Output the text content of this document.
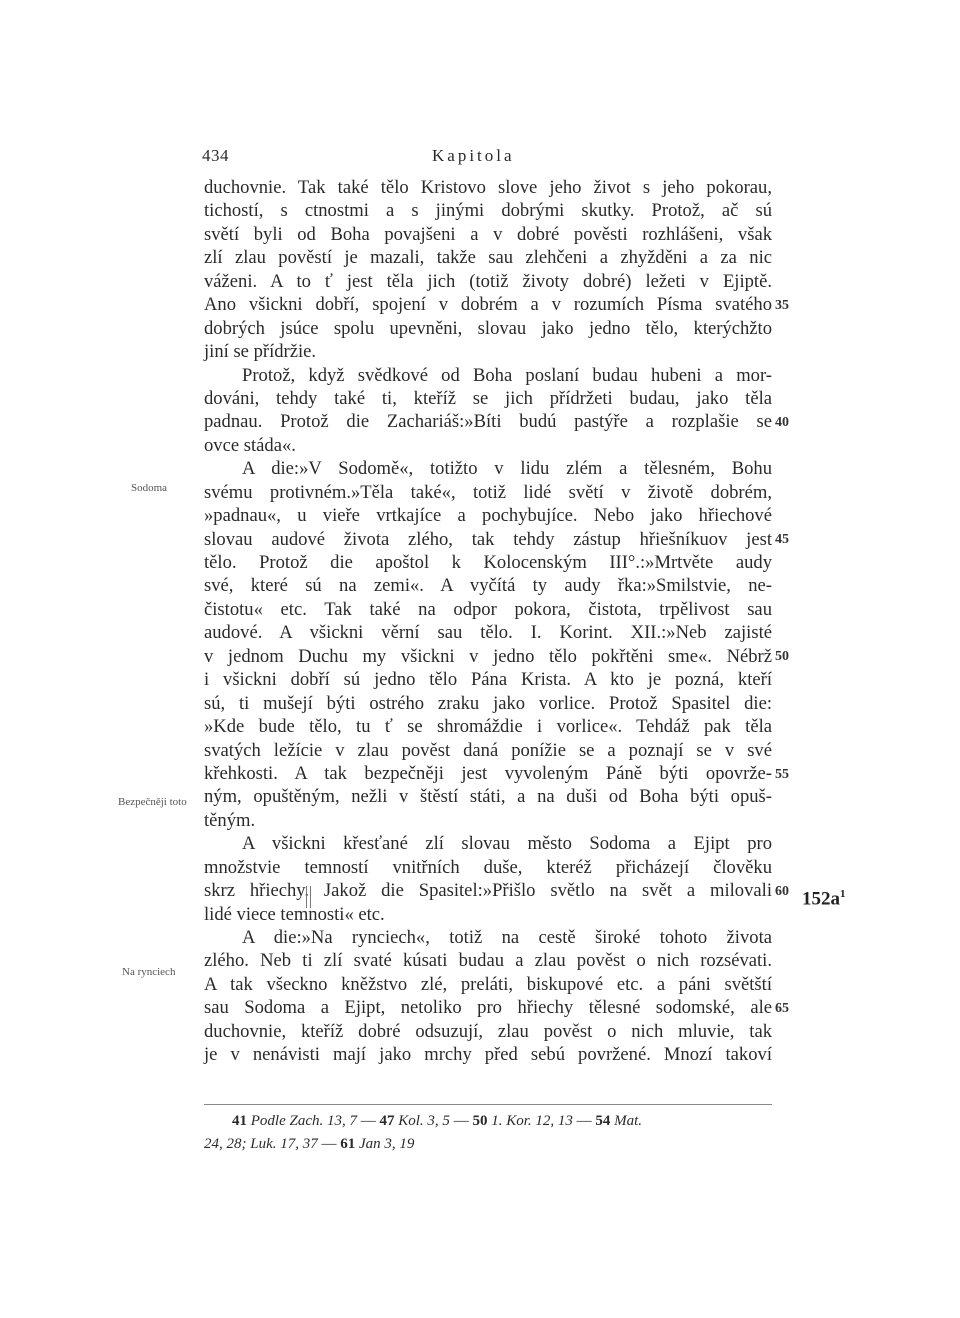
434	Kapitola
duchovnie. Tak také tělo Kristovo slove jeho život s jeho pokorau,
tichostí, s ctnostmi a s jinými dobrými skutky. Protož, ač sú
světí byli od Boha povajšeni a v dobré pověsti rozhlášeni, však
zlí zlau pověstí je mazali, takže sau zlehčeni a zhyžděni a za nic
váženi. A to ť jest těla jich (totiž životy dobré) ležeti v Ejiptě.
Ano všickni dobří, spojení v dobrém a v rozumích Písma svatého
dobrých jsúce spolu upevněni, slovau jako jedno tělo, kterýchžto
jiní se přídržie.
Protož, když svědkové od Boha poslaní budau hubeni a mor-
dováni, tehdy také ti, kteříž se jich přídržeti budau, jako těla
padnau. Protož die Zachariáš:»Bíti budú pastýře a rozplašie se
ovce stáda«.
A die:»V Sodomě«, totižto v lidu zlém a tělesném, Bohu
svému protivném.»Těla také«, totiž lidé světí v životě dobrém,
»padnau«, u vieře vrtkajíce a pochybujíce. Nebo jako hřiechové
slovau audové života zlého, tak tehdy zástup hřiešníkuov jest
tělo. Protož die apoštol k Kolocenským III°.:»Mrtvěte audy
své, které sú na zemi«. A vyčítá ty audy řka:»Smilstvie, ne-
čistotu« etc. Tak také na odpor pokora, čistota, trpělivost sau
audové. A všickni věrní sau tělo. I. Korint. XII.:»Neb zajisté
v jednom Duchu my všickni v jedno tělo pokřtěni sme«. Nébrž
i všickni dobří sú jedno tělo Pána Krista. A kto je pozná, kteří
sú, ti mušejí býti ostrého zraku jako vorlice. Protož Spasitel die:
»Kde bude tělo, tu ť se shromáždie i vorlice«. Tehdáž pak těla
svatých ležície v zlau pověst daná ponížie se a poznají se v své
křehkosti. A tak bezpečněji jest vyvoleným Páně býti opovrže-
ným, opuštěným, nežli v štěstí státi, a na duši od Boha býti opuš-
těným.
A všickni křesťané zlí slovau město Sodoma a Ejipt pro
množstvie temností vnitřních duše, kteréž přicházejí člověku
skrz hřiechy. Jakož die Spasitel:»Přišlo světlo na svět a milovali
lidé viece temnosti« etc.
A die:»Na rynciech«, totiž na cestě široké tohoto života
zlého. Neb ti zlí svaté kúsati budau a zlau pověst o nich rozsévati.
A tak všeckno kněžstvo zlé, preláti, biskupové etc. a páni světští
sau Sodoma a Ejipt, netoliko pro hřiechy tělesné sodomské, ale
duchovnie, kteříž dobré odsuzují, zlau pověst o nich mluvie, tak
je v nenávisti mají jako mrchy před sebú povržené. Mnozí takoví
Sodoma
Bezpečněji toto
Na rynciech
35
40
45
50
55
60
65
$152a^1$
41 Podle Zach. 13, 7 — 47 Kol. 3, 5 — 50 1. Kor. 12, 13 — 54 Mat.
24, 28; Luk. 17, 37 — 61 Jan 3, 19
